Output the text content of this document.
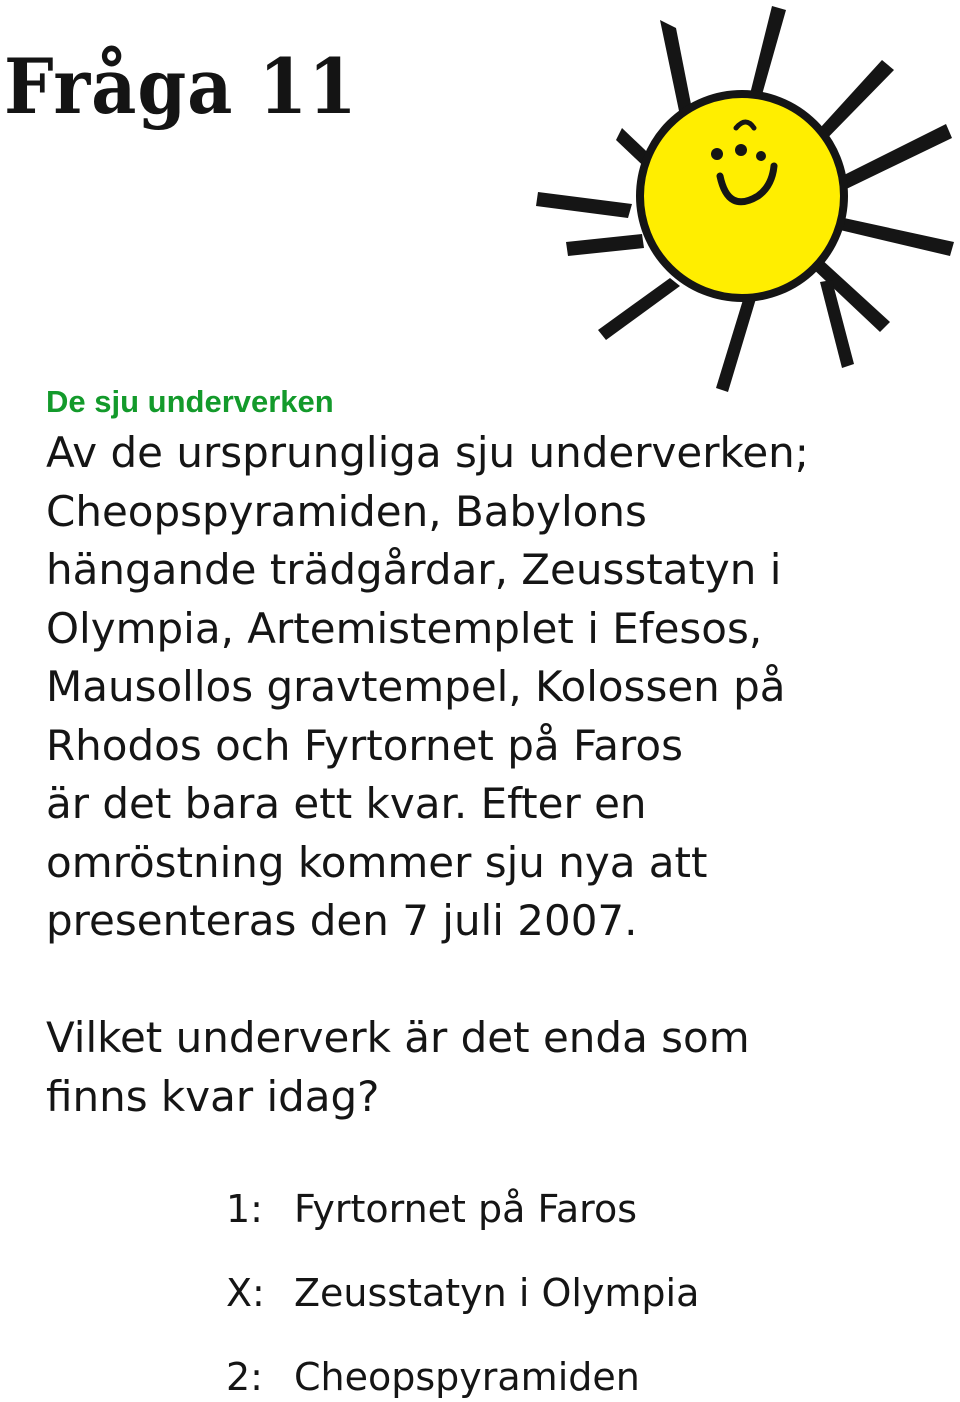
Fråga 11
De sju underverken
Av de ursprungliga sju underverken;
Cheopspyramiden, Babylons
hängande trädgårdar, Zeusstatyn i
Olympia, Artemistemplet i Efesos,
Mausollos gravtempel, Kolossen på
Rhodos och Fyrtornet på Faros
är det bara ett kvar. Efter en
omröstning kommer sju nya att
presenteras den 7 juli 2007.
Vilket underverk är det enda som
finns kvar idag?
1: Fyrtornet på Faros
X: Zeusstatyn i Olympia
2: Cheopspyramiden
